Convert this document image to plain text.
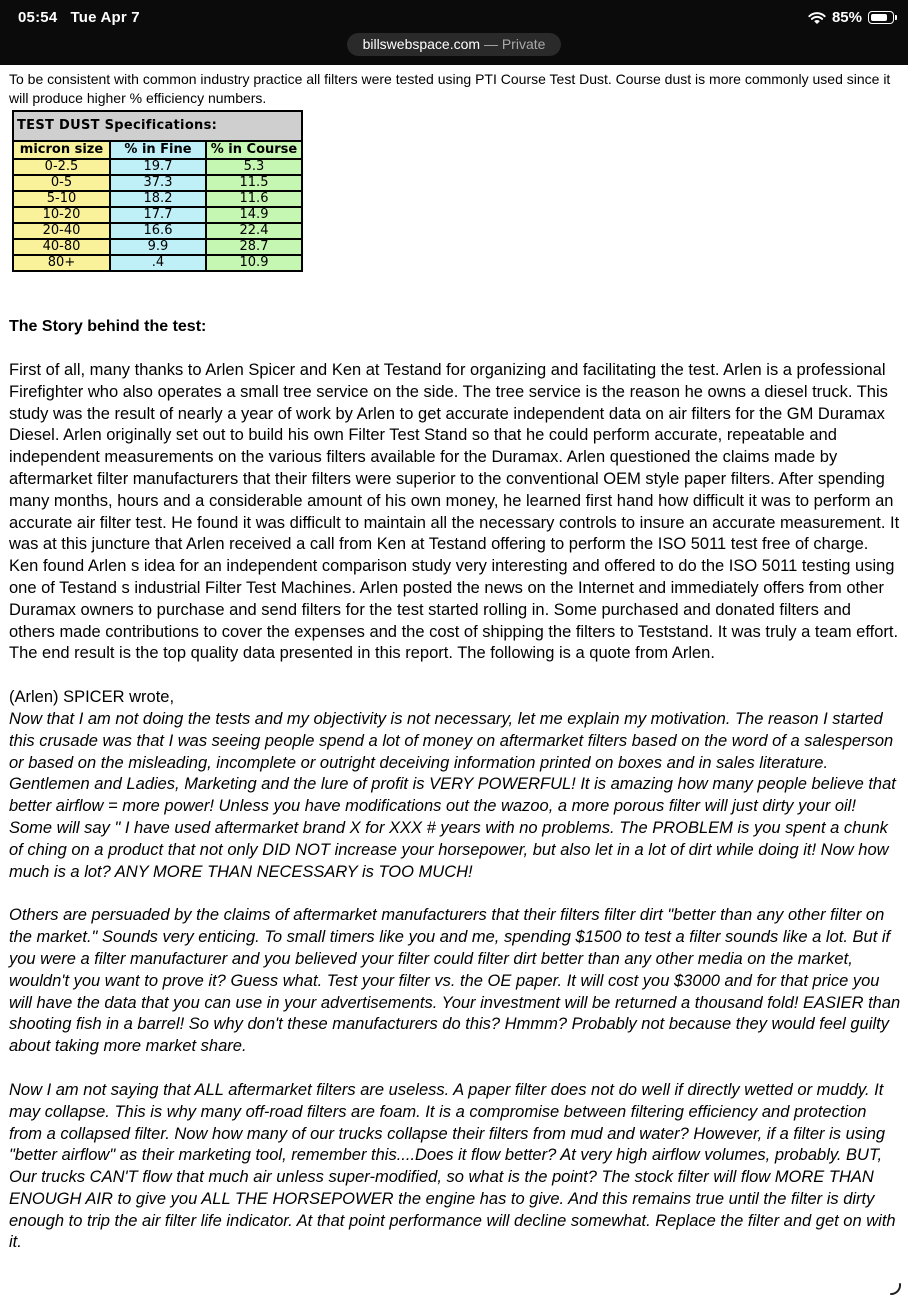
05:54 Tue Apr 7	85%
billswebspace.com — Private

To be consistent with common industry practice all filters were tested using PTI Course Test Dust. Course dust is more commonly used since it will produce higher % efficiency numbers.

TEST DUST Specifications:		
micron size	% in Fine	% in Course
0-2.5	19.7	5.3
0-5	37.3	11.5
5-10	18.2	11.6
10-20	17.7	14.9
20-40	16.6	22.4
40-80	9.9	28.7
80+	.4	10.9

The Story behind the test:

First of all, many thanks to Arlen Spicer and Ken at Testand for organizing and facilitating the test. Arlen is a professional Firefighter who also operates a small tree service on the side. The tree service is the reason he owns a diesel truck. This study was the result of nearly a year of work by Arlen to get accurate independent data on air filters for the GM Duramax Diesel. Arlen originally set out to build his own Filter Test Stand so that he could perform accurate, repeatable and independent measurements on the various filters available for the Duramax. Arlen questioned the claims made by aftermarket filter manufacturers that their filters were superior to the conventional OEM style paper filters. After spending many months, hours and a considerable amount of his own money, he learned first hand how difficult it was to perform an accurate air filter test. He found it was difficult to maintain all the necessary controls to insure an accurate measurement. It was at this juncture that Arlen received a call from Ken at Testand offering to perform the ISO 5011 test free of charge. Ken found Arlen s idea for an independent comparison study very interesting and offered to do the ISO 5011 testing using one of Testand s industrial Filter Test Machines. Arlen posted the news on the Internet and immediately offers from other Duramax owners to purchase and send filters for the test started rolling in. Some purchased and donated filters and others made contributions to cover the expenses and the cost of shipping the filters to Teststand. It was truly a team effort. The end result is the top quality data presented in this report. The following is a quote from Arlen.

(Arlen) SPICER wrote,

Now that I am not doing the tests and my objectivity is not necessary, let me explain my motivation. The reason I started this crusade was that I was seeing people spend a lot of money on aftermarket filters based on the word of a salesperson or based on the misleading, incomplete or outright deceiving information printed on boxes and in sales literature. Gentlemen and Ladies, Marketing and the lure of profit is VERY POWERFUL! It is amazing how many people believe that better airflow = more power! Unless you have modifications out the wazoo, a more porous filter will just dirty your oil! Some will say " I have used aftermarket brand X for XXX # years with no problems. The PROBLEM is you spent a chunk of ching on a product that not only DID NOT increase your horsepower, but also let in a lot of dirt while doing it! Now how much is a lot? ANY MORE THAN NECESSARY is TOO MUCH!

Others are persuaded by the claims of aftermarket manufacturers that their filters filter dirt "better than any other filter on the market." Sounds very enticing. To small timers like you and me, spending $1500 to test a filter sounds like a lot. But if you were a filter manufacturer and you believed your filter could filter dirt better than any other media on the market, wouldn't you want to prove it? Guess what. Test your filter vs. the OE paper. It will cost you $3000 and for that price you will have the data that you can use in your advertisements. Your investment will be returned a thousand fold! EASIER than shooting fish in a barrel! So why don't these manufacturers do this? Hmmm? Probably not because they would feel guilty about taking more market share.

Now I am not saying that ALL aftermarket filters are useless. A paper filter does not do well if directly wetted or muddy. It may collapse. This is why many off-road filters are foam. It is a compromise between filtering efficiency and protection from a collapsed filter. Now how many of our trucks collapse their filters from mud and water? However, if a filter is using "better airflow" as their marketing tool, remember this....Does it flow better? At very high airflow volumes, probably. BUT, Our trucks CAN'T flow that much air unless super-modified, so what is the point? The stock filter will flow MORE THAN ENOUGH AIR to give you ALL THE HORSEPOWER the engine has to give. And this remains true until the filter is dirty enough to trip the air filter life indicator. At that point performance will decline somewhat. Replace the filter and get on with it.
